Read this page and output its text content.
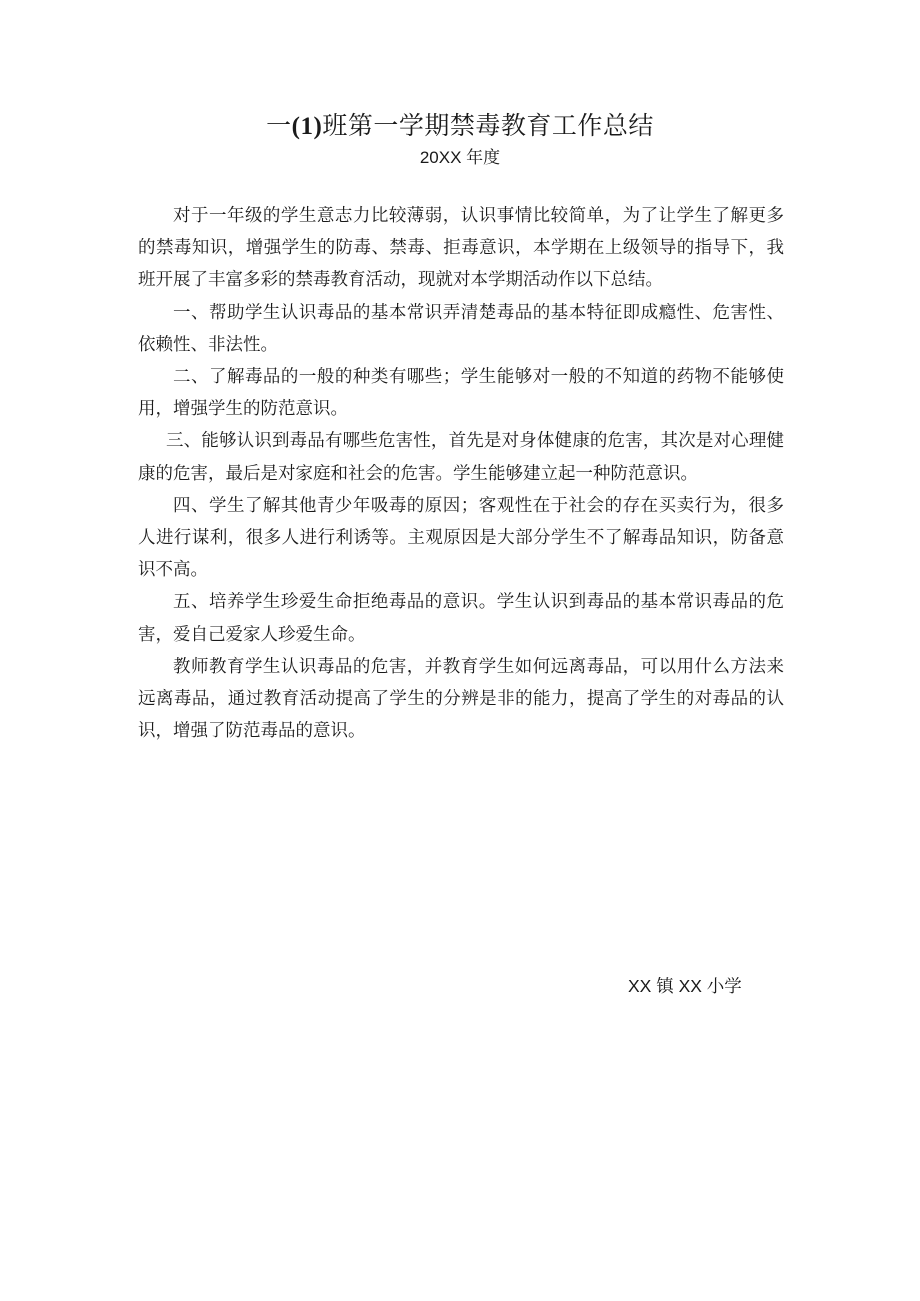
一(1)班第一学期禁毒教育工作总结
20XX 年度

对于一年级的学生意志力比较薄弱，认识事情比较简单，为了让学生了解更多的禁毒知识，增强学生的防毒、禁毒、拒毒意识，本学期在上级领导的指导下，我班开展了丰富多彩的禁毒教育活动，现就对本学期活动作以下总结。

一、帮助学生认识毒品的基本常识弄清楚毒品的基本特征即成瘾性、危害性、依赖性、非法性。

二、了解毒品的一般的种类有哪些；学生能够对一般的不知道的药物不能够使用，增强学生的防范意识。

三、能够认识到毒品有哪些危害性，首先是对身体健康的危害，其次是对心理健康的危害，最后是对家庭和社会的危害。学生能够建立起一种防范意识。

四、学生了解其他青少年吸毒的原因；客观性在于社会的存在买卖行为，很多人进行谋利，很多人进行利诱等。主观原因是大部分学生不了解毒品知识，防备意识不高。

五、培养学生珍爱生命拒绝毒品的意识。学生认识到毒品的基本常识毒品的危害，爱自己爱家人珍爱生命。

教师教育学生认识毒品的危害，并教育学生如何远离毒品，可以用什么方法来远离毒品，通过教育活动提高了学生的分辨是非的能力，提高了学生的对毒品的认识，增强了防范毒品的意识。

XX 镇 XX 小学
